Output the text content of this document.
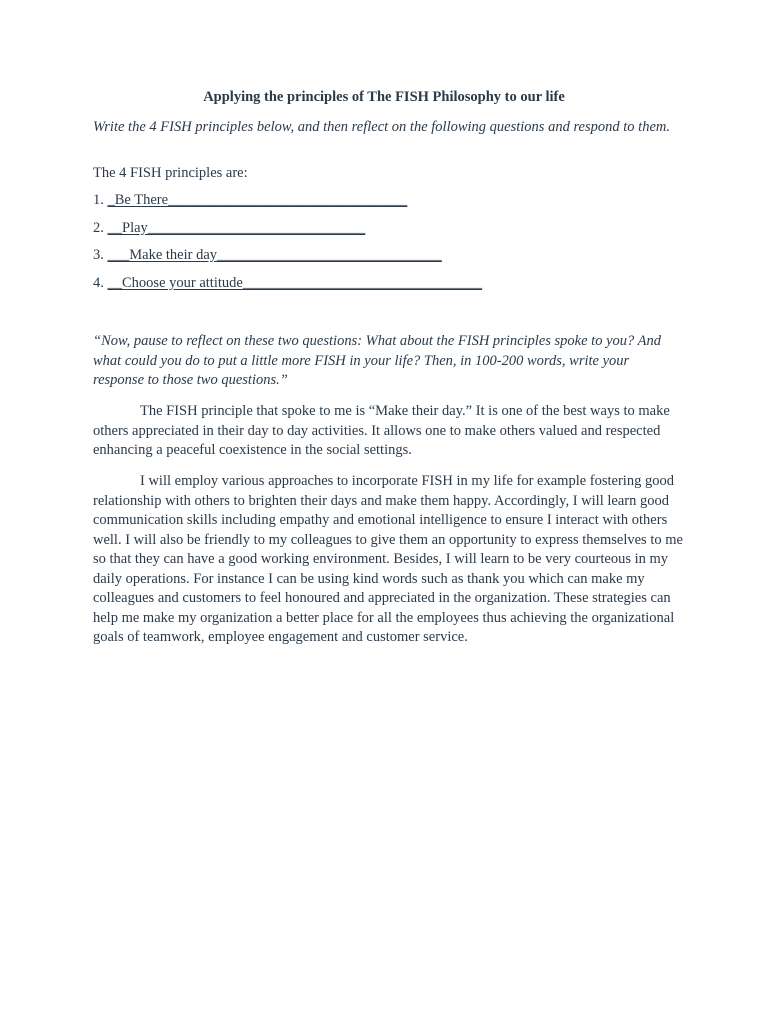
Applying the principles of The FISH Philosophy to our life
Write the 4 FISH principles below, and then reflect on the following questions and respond to them.
The 4 FISH principles are:
1. _Be There_________________________________
2. __Play______________________________
3. ___Make their day_______________________________
4. __Choose your attitude_________________________________
“Now, pause to reflect on these two questions: What about the FISH principles spoke to you? And what could you do to put a little more FISH in your life? Then, in 100-200 words, write your response to those two questions.”

The FISH principle that spoke to me is “Make their day.” It is one of the best ways to make others appreciated in their day to day activities. It allows one to make others valued and respected enhancing a peaceful coexistence in the social settings.

I will employ various approaches to incorporate FISH in my life for example fostering good relationship with others to brighten their days and make them happy. Accordingly, I will learn good communication skills including empathy and emotional intelligence to ensure I interact with others well. I will also be friendly to my colleagues to give them an opportunity to express themselves to me so that they can have a good working environment. Besides, I will learn to be very courteous in my daily operations. For instance I can be using kind words such as thank you which can make my colleagues and customers to feel honoured and appreciated in the organization. These strategies can help me make my organization a better place for all the employees thus achieving the organizational goals of teamwork, employee engagement and customer service.
